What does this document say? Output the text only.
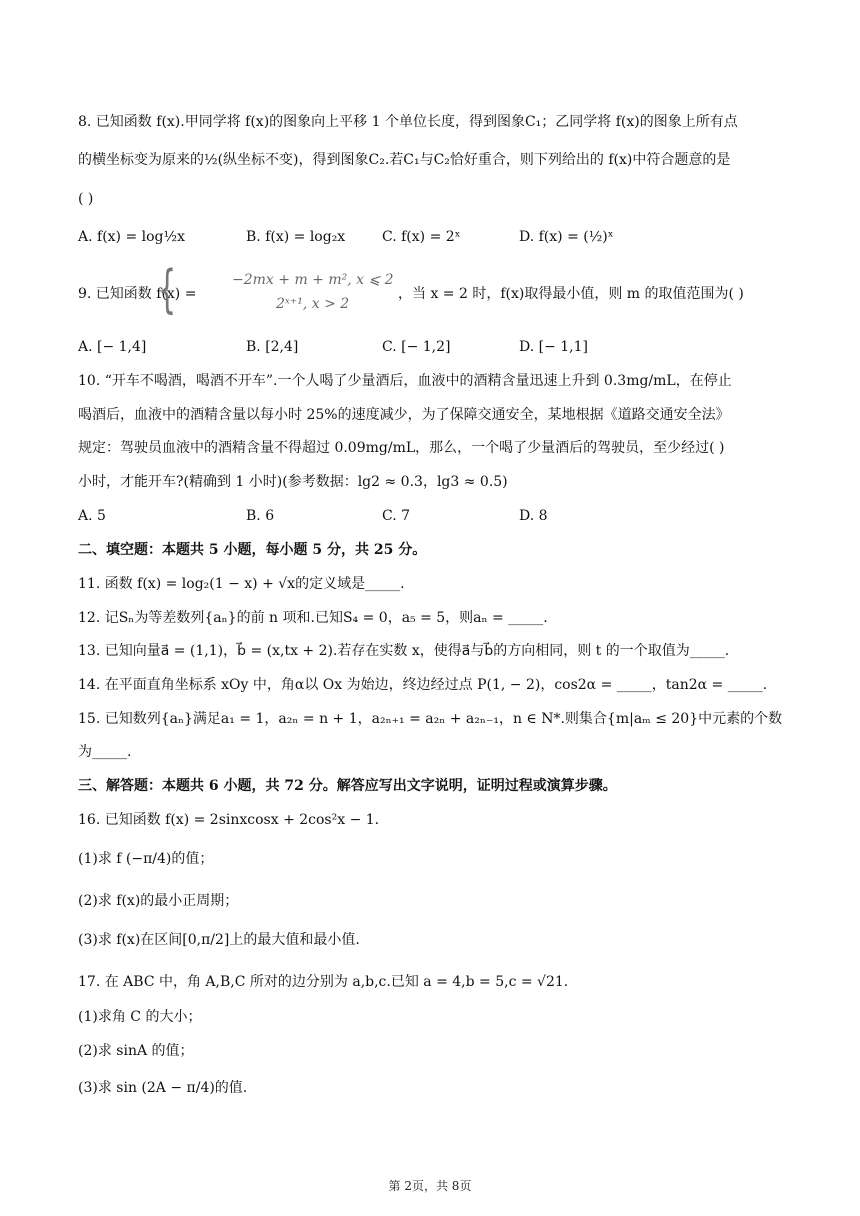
8. 已知函数 f(x).甲同学将 f(x)的图象向上平移 1 个单位长度，得到图象C₁；乙同学将 f(x)的图象上所有点
的横坐标变为原来的½(纵坐标不变)，得到图象C₂.若C₁与C₂恰好重合，则下列给出的 f(x)中符合题意的是
( )
A. f(x) = log½x	B. f(x) = log₂x	C. f(x) = 2ˣ	D. f(x) = (½)ˣ
9. 已知函数 f(x) =
{	−2mx + m + m², x ⩽ 2
2ˣ⁺¹, x > 2
，当 x = 2 时，f(x)取得最小值，则 m 的取值范围为( )
A. [− 1,4]	B. [2,4]	C. [− 1,2]	D. [− 1,1]
10. “开车不喝酒，喝酒不开车”.一个人喝了少量酒后，血液中的酒精含量迅速上升到 0.3mg/mL，在停止
喝酒后，血液中的酒精含量以每小时 25%的速度减少，为了保障交通安全，某地根据《道路交通安全法》
规定：驾驶员血液中的酒精含量不得超过 0.09mg/mL，那么，一个喝了少量酒后的驾驶员，至少经过( )
小时，才能开车?(精确到 1 小时)(参考数据：lg2 ≈ 0.3，lg3 ≈ 0.5)
A. 5	B. 6	C. 7	D. 8
二、填空题：本题共 5 小题，每小题 5 分，共 25 分。
11. 函数 f(x) = log₂(1 − x) + √x的定义域是_____.
12. 记Sₙ为等差数列{aₙ}的前 n 项和.已知S₄ = 0，a₅ = 5，则aₙ = _____.
13. 已知向量a⃗ = (1,1)，b⃗ = (x,tx + 2).若存在实数 x，使得a⃗与b⃗的方向相同，则 t 的一个取值为_____.
14. 在平面直角坐标系 xOy 中，角α以 Ox 为始边，终边经过点 P(1, − 2)，cos2α = _____，tan2α = _____.
15. 已知数列{aₙ}满足a₁ = 1，a₂ₙ = n + 1，a₂ₙ₊₁ = a₂ₙ + a₂ₙ₋₁，n ∈ N*.则集合{m|aₘ ≤ 20}中元素的个数
为_____.
三、解答题：本题共 6 小题，共 72 分。解答应写出文字说明，证明过程或演算步骤。
16. 已知函数 f(x) = 2sinxcosx + 2cos²x − 1.
(1)求 f (−π/4)的值；
(2)求 f(x)的最小正周期；
(3)求 f(x)在区间[0,π/2]上的最大值和最小值.
17. 在 ABC 中，角 A,B,C 所对的边分别为 a,b,c.已知 a = 4,b = 5,c = √21.
(1)求角 C 的大小；
(2)求 sinA 的值；
(3)求 sin (2A − π/4)的值.
第 2页，共 8页
